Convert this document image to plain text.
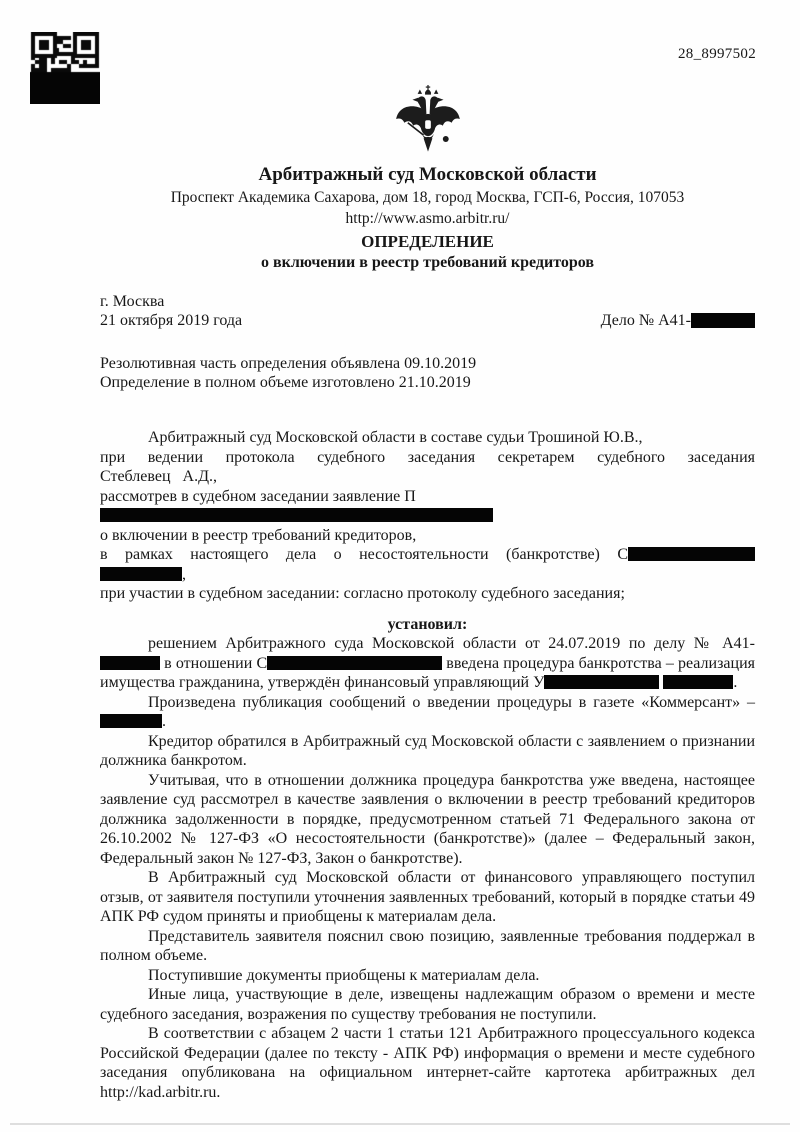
28_8997502
Арбитражный суд Московской области
Проспект Академика Сахарова, дом 18, город Москва, ГСП-6, Россия, 107053
http://www.asmo.arbitr.ru/
ОПРЕДЕЛЕНИЕ
о включении в реестр требований кредиторов
г. Москва
21 октября 2019 года	Дело № А41-
Резолютивная часть определения объявлена 09.10.2019
Определение в полном объеме изготовлено 21.10.2019
Арбитражный суд Московской области в составе судьи Трошиной Ю.В.,
при ведении протокола судебного заседания секретарем судебного заседания Стеблевец А.Д.,
рассмотрев в судебном заседании заявление П
о включении в реестр требований кредиторов,
в рамках настоящего дела о несостоятельности (банкротстве) С ,
при участии в судебном заседании: согласно протоколу судебного заседания;
установил:
решением Арбитражного суда Московской области от 24.07.2019 по делу № А41- в отношении С	введена процедура банкротства – реализация имущества гражданина, утверждён финансовый управляющий У	.
Произведена публикация сообщений о введении процедуры в газете «Коммерсант» – .
Кредитор обратился в Арбитражный суд Московской области с заявлением о признании должника банкротом.
Учитывая, что в отношении должника процедура банкротства уже введена, настоящее заявление суд рассмотрел в качестве заявления о включении в реестр требований кредиторов должника задолженности в порядке, предусмотренном статьей 71 Федерального закона от 26.10.2002 № 127-ФЗ «О несостоятельности (банкротстве)» (далее – Федеральный закон, Федеральный закон № 127-ФЗ, Закон о банкротстве).
В Арбитражный суд Московской области от финансового управляющего поступил отзыв, от заявителя поступили уточнения заявленных требований, который в порядке статьи 49 АПК РФ судом приняты и приобщены к материалам дела.
Представитель заявителя пояснил свою позицию, заявленные требования поддержал в полном объеме.
Поступившие документы приобщены к материалам дела.
Иные лица, участвующие в деле, извещены надлежащим образом о времени и месте судебного заседания, возражения по существу требования не поступили.
В соответствии с абзацем 2 части 1 статьи 121 Арбитражного процессуального кодекса Российской Федерации (далее по тексту - АПК РФ) информация о времени и месте судебного заседания опубликована на официальном интернет-сайте картотека арбитражных дел http://kad.arbitr.ru.
